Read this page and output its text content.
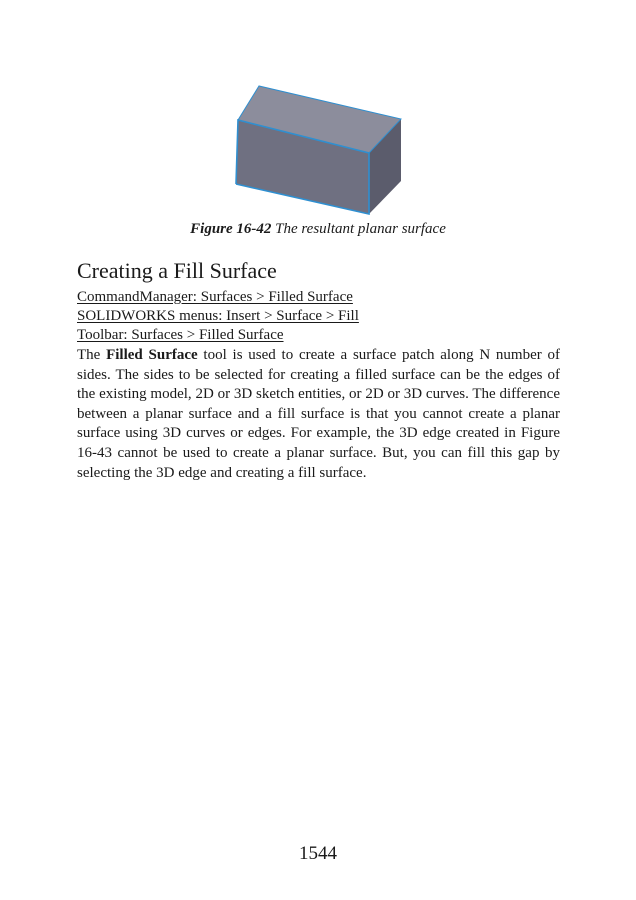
Figure 16-42 The resultant planar surface
Creating a Fill Surface
CommandManager: Surfaces > Filled Surface
SOLIDWORKS menus: Insert > Surface > Fill
Toolbar: Surfaces > Filled Surface

The Filled Surface tool is used to create a surface patch along N number of sides. The sides to be selected for creating a filled surface can be the edges of the existing model, 2D or 3D sketch entities, or 2D or 3D curves. The difference between a planar surface and a fill surface is that you cannot create a planar surface using 3D curves or edges. For example, the 3D edge created in Figure 16-43 cannot be used to create a planar surface. But, you can fill this gap by selecting the 3D edge and creating a fill surface.

1544
